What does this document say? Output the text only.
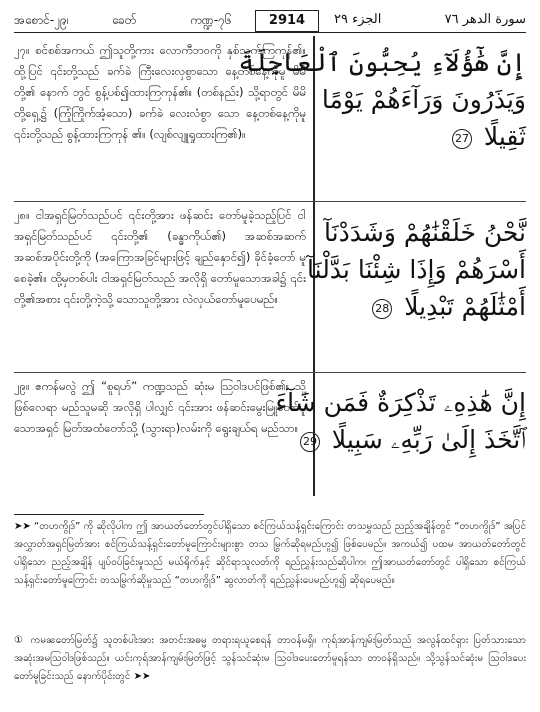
အစောင်-၂၉၊	ခေတ်	ကဏ္ဍ-၇၆	2914	الجزء ٢٩	سورة الدهر ٧٦

၂၇။ စင်စစ်အကယ် ဤသူတို့ကား လောကီဘဝကို နှစ်သက်ကြကုန်၏။ ထို့ပြင် ၎င်းတို့သည် ခက်ခဲ ကြီးလေးလှစွာသော နေ့တစ်နေ့ကိုမူ မိမိတို့၏ နောက် ဘွင် စွန့်ပစ်၍ထားကြကုန်၏။ (တစ်နည်း) သို့ရာတွင် မိမိတို့ရှေ့၌ (ကြုံကြိုက်အံ့သော) ခက်ခဲ လေးလံစွာ သော နေ့တစ်နေ့ကိုမူ ၎င်းတို့သည် စွန့်ထားကြကုန် ၏။ (လျစ်လျူရှုထားကြ၏)။

إِنَّ هَٰٓؤُلَآءِ يُحِبُّونَ ٱلْعَاجِلَةَ
وَيَذَرُونَ وَرَآءَهُمْ يَوْمًا
ثَقِيلًا 27

၂၈။ ငါအရှင်မြတ်သည်ပင် ၎င်းတို့အား ဖန်ဆင်း တော်မူခဲ့သည့်ပြင် ငါအရှင်မြတ်သည်ပင် ၎င်းတို့၏ (ခန္ဓာကိုယ်၏) အဆစ်အဆက် အဆစ်အပိုင်းတို့ကို (အကြောအခြင်များဖြင့် ချည်နှောင်၍) ခိုင်ခံ့တော် မူစေခဲ့၏။ ထို့မှတစ်ပါး ငါအရှင်မြတ်သည် အလိုရှိ တော်မူသောအခါ၌ ၎င်းတို့၏အစား ၎င်းတို့ကဲ့သို့ သောသူတို့အား လဲလှယ်တော်မူပေမည်။

نَّحْنُ خَلَقْنَٰهُمْ وَشَدَدْنَآ
أَسْرَهُمْ وَإِذَا شِئْنَا بَدَّلْنَآ
أَمْثَٰلَهُمْ تَبْدِيلًا 28

၂၉။ ဧကန်မလွဲ ဤ “စူရဟ်” ကဏ္ဍသည် ဆုံးမ သြဝါဒပင်ဖြစ်၏။ သို့ဖြစ်လေရာ မည်သူမဆို အလိုရှိ ပါလျှင် ၎င်းအား ဖန်ဆင်းမွေးမြူတော်မူသောအရှင် မြတ်အထံတော်သို့ (သွားရာ)လမ်းကို ရွေးချယ်ရ မည်သာ။

إِنَّ هَٰذِهِۦ تَذْكِرَةٌ فَمَن شَآءَ
ٱتَّخَذَ إِلَىٰ رَبِّهِۦ سَبِيلًا 29

➤➤ “တဟကွိုဒ်” ကို ဆိုလိုပါက ဤ အာယတ်တော်တွင်ပါရှိသော စင်ကြယ်သန့်ရှင်းကြောင်း တသမွှသည် ညည့်အချိန်တွင် “တဟကွိုဒ်” အပြင် အလွှာတ်အရှင်မြတ်အား စင်ကြယ်သန့်ရှင်းတော်မူကြောင်းများစွာ တသ မြွက်ဆိုရမည်ဟူ၍ ဖြစ်ပေမည်။ အကယ်၍ ပထမ အာယတ်တော်တွင် ပါရှိသော ညည့်အချိန် ပျပ်ဝပ်ခြင်းမှုသည် မယ်ရိုက်နှင့် ဆိုင်ရာသူလတ်ကို ရည်ညွှန်းသည်ဆိုပါက၊ ဤအာယတ်တော်တွင် ပါရှိသော စင်ကြယ်သန့်ရှင်းတော်မူကြောင်း တသမြွက်ဆိုမှုသည် “တဟကွိုဒ်” ဆွလာတ်ကို ရည်ညွှန်းပေမည်ဟူ၍ ဆိုရပေမည်။

① ကမၼတော်မြတ်၌ သူတစ်ပါးအား အတင်းအဓမ္မ တရားရယူစေရန် တာဝန်မရှိ။ ကုရ်အာန်ကျမ်းမြတ်သည် အလွန်ထင်ရှား ပြတ်သားသော အဆုံးအမသြဝါဒဖြစ်သည်။ ယင်းကုရ်အာန်ကျမ်းမြတ်ဖြင့် သွန်သင်ဆုံးမ သြဝါဒပေးတော်မူရန်သာ တာဝန်ရှိသည်။ သို့သွန်သင်ဆုံးမ သြဝါဒပေးတော်မူခြင်းသည် နောက်ပိုင်းတွင် ➤➤
